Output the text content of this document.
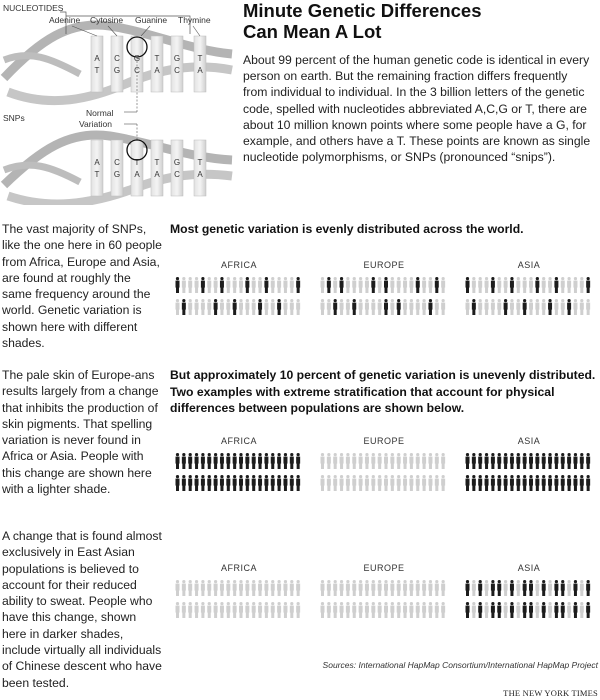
A
T
C
G
G
C
T
A
G
C
T
A
A
T
C
G
T
A
T
A
G
C
T
A
NUCLEOTIDES
Adenine Cytosine Guanine Thymine
SNPs	Normal
Variation
Minute Genetic Differences
Can Mean A Lot
About 99 percent of the human genetic code is identical in every person on earth. But the remaining fraction differs frequently from individual to individual. In the 3 billion letters of the genetic code, spelled with nucleotides abbreviated A,C,G or T, there are about 10 million known points where some people have a G, for example, and others have a T. These points are known as single nucleotide polymorphisms, or SNPs (pronounced “snips”).
The vast majority of SNPs, like the one here in 60 people from Africa, Europe and Asia, are found at roughly the same frequency around the world. Genetic variation is shown here with different shades.
Most genetic variation is evenly distributed across the world.
AFRICA	EUROPE	ASIA
The pale skin of Europe-ans results largely from a change that inhibits the production of skin pigments. That spelling variation is never found in Africa or Asia. People with this change are shown here with a lighter shade.
But approximately 10 percent of genetic variation is unevenly distributed. Two examples with extreme stratification that account for physical differences between populations are shown below.
AFRICA	EUROPE	ASIA
A change that is found almost exclusively in East Asian populations is believed to account for their reduced ability to sweat. People who have this change, shown here in darker shades, include virtually all individuals of Chinese descent who have been tested.
AFRICA	EUROPE	ASIA
Sources: International HapMap Consortium/International HapMap Project
THE NEW YORK TIMES
